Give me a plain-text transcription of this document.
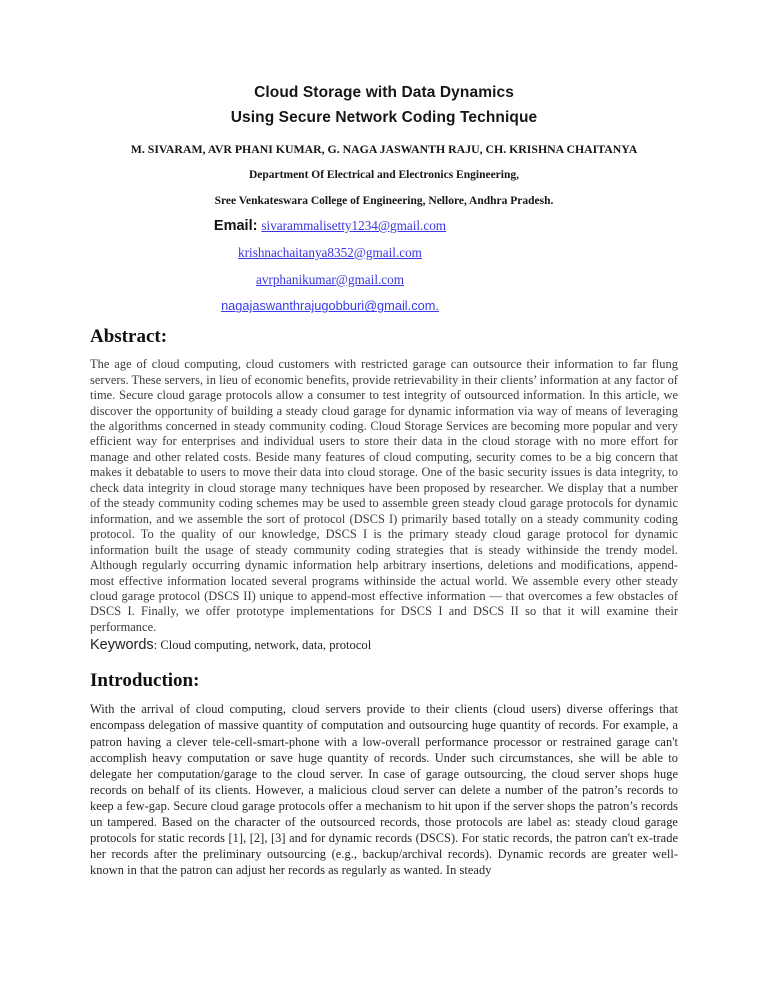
Cloud Storage with Data Dynamics
Using Secure Network Coding Technique
M. SIVARAM, AVR PHANI KUMAR, G. NAGA JASWANTH RAJU, CH. KRISHNA CHAITANYA
Department Of Electrical and Electronics Engineering,
Sree Venkateswara College of Engineering, Nellore, Andhra Pradesh.
Email: sivarammalisetty1234@gmail.com
krishnachaitanya8352@gmail.com
avrphanikumar@gmail.com
nagajaswanthrajugobburi@gmail.com.
Abstract:
The age of cloud computing, cloud customers with restricted garage can outsource their information to far flung servers. These servers, in lieu of economic benefits, provide retrievability in their clients’ information at any factor of time. Secure cloud garage protocols allow a consumer to test integrity of outsourced information. In this article, we discover the opportunity of building a steady cloud garage for dynamic information via way of means of leveraging the algorithms concerned in steady community coding. Cloud Storage Services are becoming more popular and very efficient way for enterprises and individual users to store their data in the cloud storage with no more effort for manage and other related costs. Beside many features of cloud computing, security comes to be a big concern that makes it debatable to users to move their data into cloud storage. One of the basic security issues is data integrity, to check data integrity in cloud storage many techniques have been proposed by researcher. We display that a number of the steady community coding schemes may be used to assemble green steady cloud garage protocols for dynamic information, and we assemble the sort of protocol (DSCS I) primarily based totally on a steady community coding protocol. To the quality of our knowledge, DSCS I is the primary steady cloud garage protocol for dynamic information built the usage of steady community coding strategies that is steady withinside the trendy model. Although regularly occurring dynamic information help arbitrary insertions, deletions and modifications, append-most effective information located several programs withinside the actual world. We assemble every other steady cloud garage protocol (DSCS II) unique to append-most effective information — that overcomes a few obstacles of DSCS I. Finally, we offer prototype implementations for DSCS I and DSCS II so that it will examine their performance.
Keywords: Cloud computing, network, data, protocol
Introduction:
With the arrival of cloud computing, cloud servers provide to their clients (cloud users) diverse offerings that encompass delegation of massive quantity of computation and outsourcing huge quantity of records. For example, a patron having a clever tele-cell-smart-phone with a low-overall performance processor or restrained garage can't accomplish heavy computation or save huge quantity of records. Under such circumstances, she will be able to delegate her computation/garage to the cloud server. In case of garage outsourcing, the cloud server shops huge records on behalf of its clients. However, a malicious cloud server can delete a number of the patron’s records to keep a few-gap. Secure cloud garage protocols offer a mechanism to hit upon if the server shops the patron’s records un tampered. Based on the character of the outsourced records, those protocols are label as: steady cloud garage protocols for static records [1], [2], [3] and for dynamic records (DSCS). For static records, the patron can't ex-trade her records after the preliminary outsourcing (e.g., backup/archival records). Dynamic records are greater well-known in that the patron can adjust her records as regularly as wanted. In steady
